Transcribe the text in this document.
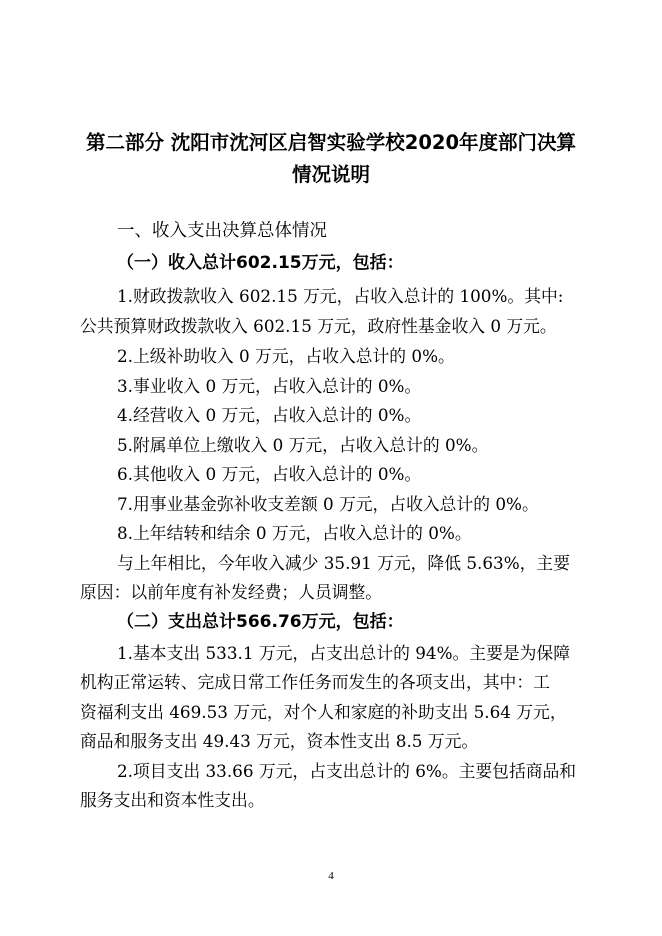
第二部分 沈阳市沈河区启智实验学校2020年度部门决算
情况说明
一、收入支出决算总体情况
（一）收入总计602.15万元，包括：
1.财政拨款收入 602.15 万元，占收入总计的 100%。其中:
公共预算财政拨款收入 602.15 万元，政府性基金收入 0 万元。
2.上级补助收入 0 万元，占收入总计的 0%。
3.事业收入 0 万元，占收入总计的 0%。
4.经营收入 0 万元，占收入总计的 0%。
5.附属单位上缴收入 0 万元，占收入总计的 0%。
6.其他收入 0 万元，占收入总计的 0%。
7.用事业基金弥补收支差额 0 万元，占收入总计的 0%。
8.上年结转和结余 0 万元，占收入总计的 0%。
与上年相比，今年收入减少 35.91 万元，降低 5.63%，主要
原因：以前年度有补发经费；人员调整。
（二）支出总计566.76万元，包括：
1.基本支出 533.1 万元，占支出总计的 94%。主要是为保障
机构正常运转、完成日常工作任务而发生的各项支出，其中：工
资福利支出 469.53 万元，对个人和家庭的补助支出 5.64 万元，
商品和服务支出 49.43 万元，资本性支出 8.5 万元。
2.项目支出 33.66 万元，占支出总计的 6%。主要包括商品和
服务支出和资本性支出。
4
